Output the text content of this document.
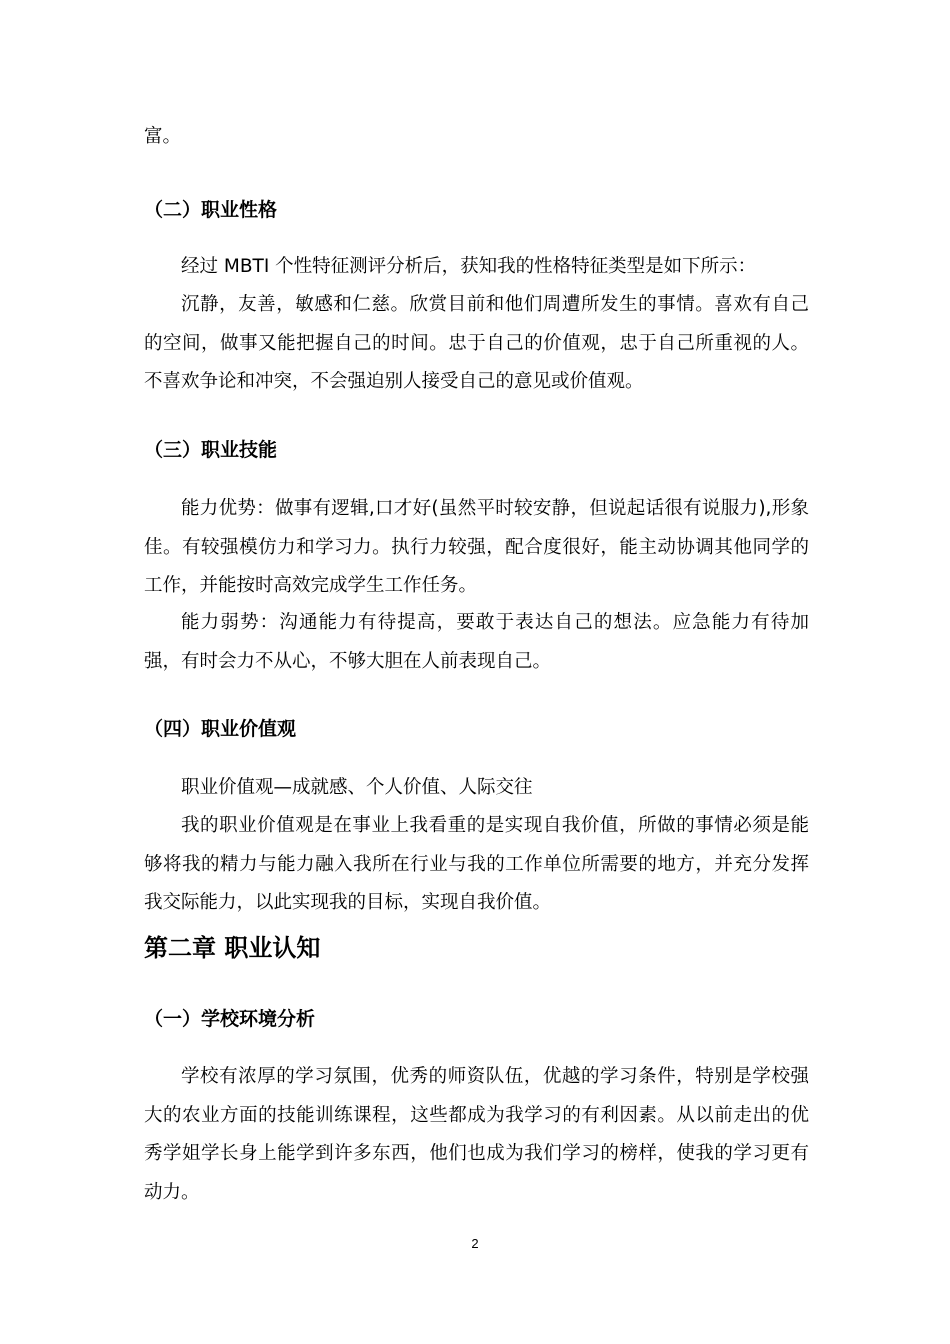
富。

（二）职业性格

经过 MBTI 个性特征测评分析后，获知我的性格特征类型是如下所示：

沉静，友善，敏感和仁慈。欣赏目前和他们周遭所发生的事情。喜欢有自己的空间，做事又能把握自己的时间。忠于自己的价值观，忠于自己所重视的人。不喜欢争论和冲突，不会强迫别人接受自己的意见或价值观。

（三）职业技能

能力优势：做事有逻辑,口才好(虽然平时较安静，但说起话很有说服力),形象佳。有较强模仿力和学习力。执行力较强，配合度很好，能主动协调其他同学的工作，并能按时高效完成学生工作任务。

能力弱势：沟通能力有待提高，要敢于表达自己的想法。应急能力有待加强，有时会力不从心，不够大胆在人前表现自己。

（四）职业价值观

职业价值观—成就感、个人价值、人际交往

我的职业价值观是在事业上我看重的是实现自我价值，所做的事情必须是能够将我的精力与能力融入我所在行业与我的工作单位所需要的地方，并充分发挥我交际能力，以此实现我的目标，实现自我价值。

第二章 职业认知
（一）学校环境分析

学校有浓厚的学习氛围，优秀的师资队伍，优越的学习条件，特别是学校强大的农业方面的技能训练课程，这些都成为我学习的有利因素。从以前走出的优秀学姐学长身上能学到许多东西，他们也成为我们学习的榜样，使我的学习更有动力。

2
